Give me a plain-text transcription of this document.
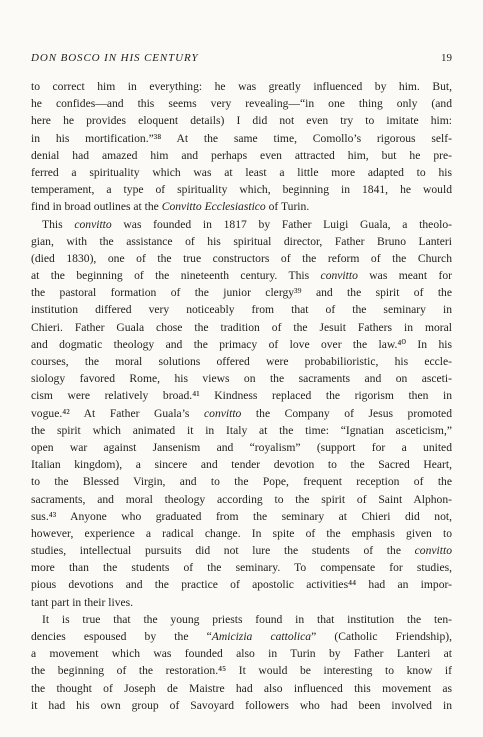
DON BOSCO IN HIS CENTURY	19
to correct him in everything: he was greatly influenced by him. But,
he confides—and this seems very revealing—“in one thing only (and
here he provides eloquent details) I did not even try to imitate him:
in his mortification.”³⁸ At the same time, Comollo’s rigorous self-
denial had amazed him and perhaps even attracted him, but he pre-
ferred a spirituality which was at least a little more adapted to his
temperament, a type of spirituality which, beginning in 1841, he would
find in broad outlines at the Convitto Ecclesiastico of Turin.
This convitto was founded in 1817 by Father Luigi Guala, a theolo-
gian, with the assistance of his spiritual director, Father Bruno Lanteri
(died 1830), one of the true constructors of the reform of the Church
at the beginning of the nineteenth century. This convitto was meant for
the pastoral formation of the junior clergy³⁹ and the spirit of the
institution differed very noticeably from that of the seminary in
Chieri. Father Guala chose the tradition of the Jesuit Fathers in moral
and dogmatic theology and the primacy of love over the law.⁴⁰ In his
courses, the moral solutions offered were probabilioristic, his eccle-
siology favored Rome, his views on the sacraments and on asceti-
cism were relatively broad.⁴¹ Kindness replaced the rigorism then in
vogue.⁴² At Father Guala’s convitto the Company of Jesus promoted
the spirit which animated it in Italy at the time: “Ignatian asceticism,”
open war against Jansenism and “royalism” (support for a united
Italian kingdom), a sincere and tender devotion to the Sacred Heart,
to the Blessed Virgin, and to the Pope, frequent reception of the
sacraments, and moral theology according to the spirit of Saint Alphon-
sus.⁴³ Anyone who graduated from the seminary at Chieri did not,
however, experience a radical change. In spite of the emphasis given to
studies, intellectual pursuits did not lure the students of the convitto
more than the students of the seminary. To compensate for studies,
pious devotions and the practice of apostolic activities⁴⁴ had an impor-
tant part in their lives.
It is true that the young priests found in that institution the ten-
dencies espoused by the “Amicizia cattolica” (Catholic Friendship),
a movement which was founded also in Turin by Father Lanteri at
the beginning of the restoration.⁴⁵ It would be interesting to know if
the thought of Joseph de Maistre had also influenced this movement as
it had his own group of Savoyard followers who had been involved in
